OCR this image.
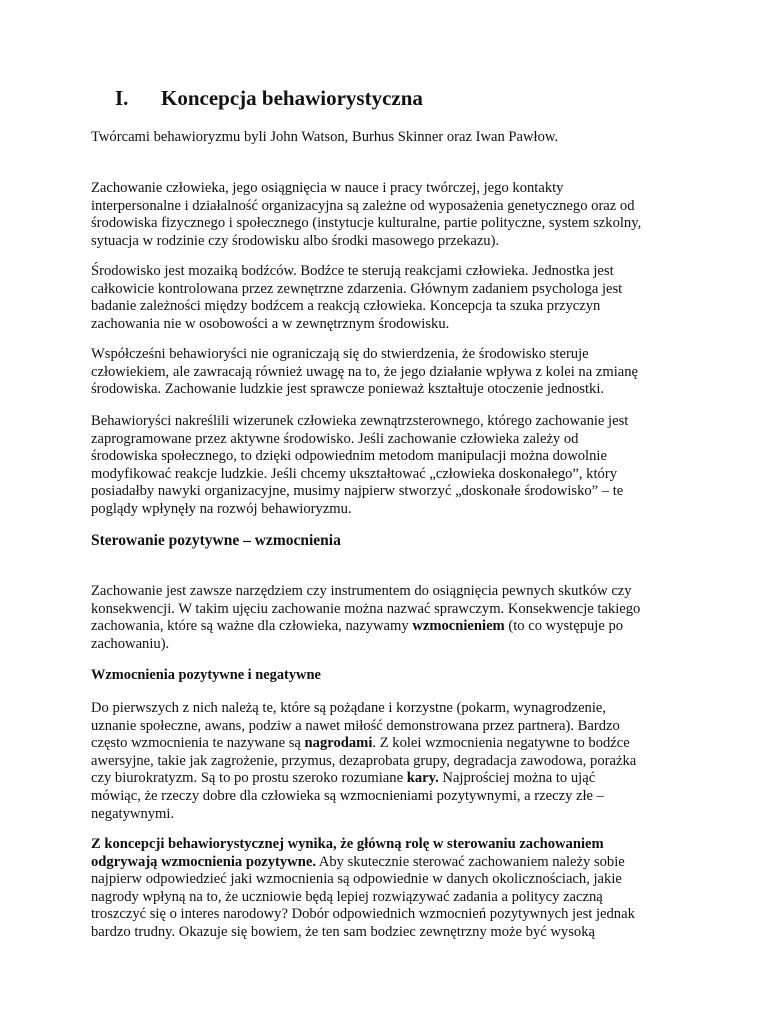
I. Koncepcja behawiorystyczna

Twórcami behawioryzmu byli John Watson, Burhus Skinner oraz Iwan Pawłow.

Zachowanie człowieka, jego osiągnięcia w nauce i pracy twórczej, jego kontakty
interpersonalne i działalność organizacyjna są zależne od wyposażenia genetycznego oraz od
środowiska fizycznego i społecznego (instytucje kulturalne, partie polityczne, system szkolny,
sytuacja w rodzinie czy środowisku albo środki masowego przekazu).

Środowisko jest mozaiką bodźców. Bodźce te sterują reakcjami człowieka. Jednostka jest
całkowicie kontrolowana przez zewnętrzne zdarzenia. Głównym zadaniem psychologa jest
badanie zależności między bodźcem a reakcją człowieka. Koncepcja ta szuka przyczyn
zachowania nie w osobowości a w zewnętrznym środowisku.

Współcześni behawioryści nie ograniczają się do stwierdzenia, że środowisko steruje
człowiekiem, ale zawracają również uwagę na to, że jego działanie wpływa z kolei na zmianę
środowiska. Zachowanie ludzkie jest sprawcze ponieważ kształtuje otoczenie jednostki.

Behawioryści nakreślili wizerunek człowieka zewnątrzsterownego, którego zachowanie jest
zaprogramowane przez aktywne środowisko. Jeśli zachowanie człowieka zależy od
środowiska społecznego, to dzięki odpowiednim metodom manipulacji można dowolnie
modyfikować reakcje ludzkie. Jeśli chcemy ukształtować „człowieka doskonałego”, który
posiadałby nawyki organizacyjne, musimy najpierw stworzyć „doskonałe środowisko” – te
poglądy wpłynęły na rozwój behawioryzmu.

Sterowanie pozytywne – wzmocnienia

Zachowanie jest zawsze narzędziem czy instrumentem do osiągnięcia pewnych skutków czy
konsekwencji. W takim ujęciu zachowanie można nazwać sprawczym. Konsekwencje takiego
zachowania, które są ważne dla człowieka, nazywamy wzmocnieniem (to co występuje po
zachowaniu).

Wzmocnienia pozytywne i negatywne

Do pierwszych z nich należą te, które są pożądane i korzystne (pokarm, wynagrodzenie,
uznanie społeczne, awans, podziw a nawet miłość demonstrowana przez partnera). Bardzo
często wzmocnienia te nazywane są nagrodami. Z kolei wzmocnienia negatywne to bodźce
awersyjne, takie jak zagrożenie, przymus, dezaprobata grupy, degradacja zawodowa, porażka
czy biurokratyzm. Są to po prostu szeroko rozumiane kary. Najprościej można to ująć
mówiąc, że rzeczy dobre dla człowieka są wzmocnieniami pozytywnymi, a rzeczy złe –
negatywnymi.

Z koncepcji behawiorystycznej wynika, że główną rolę w sterowaniu zachowaniem
odgrywają wzmocnienia pozytywne. Aby skutecznie sterować zachowaniem należy sobie
najpierw odpowiedzieć jaki wzmocnienia są odpowiednie w danych okolicznościach, jakie
nagrody wpłyną na to, że uczniowie będą lepiej rozwiązywać zadania a politycy zaczną
troszczyć się o interes narodowy? Dobór odpowiednich wzmocnień pozytywnych jest jednak
bardzo trudny. Okazuje się bowiem, że ten sam bodziec zewnętrzny może być wysoką
